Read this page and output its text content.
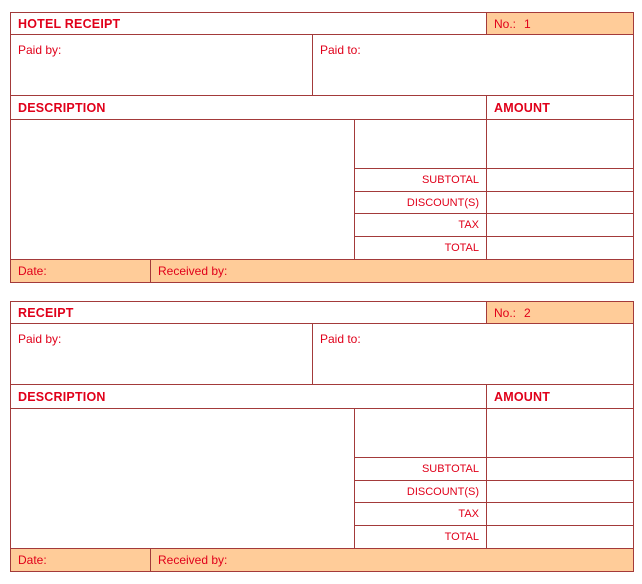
HOTEL RECEIPT	No.: 1
Paid by:	Paid to:
DESCRIPTION	AMOUNT
SUBTOTAL
DISCOUNT(S)
TAX
TOTAL
Date:	Received by:
RECEIPT	No.: 2
Paid by:	Paid to:
DESCRIPTION	AMOUNT
SUBTOTAL
DISCOUNT(S)
TAX
TOTAL
Date:	Received by:
